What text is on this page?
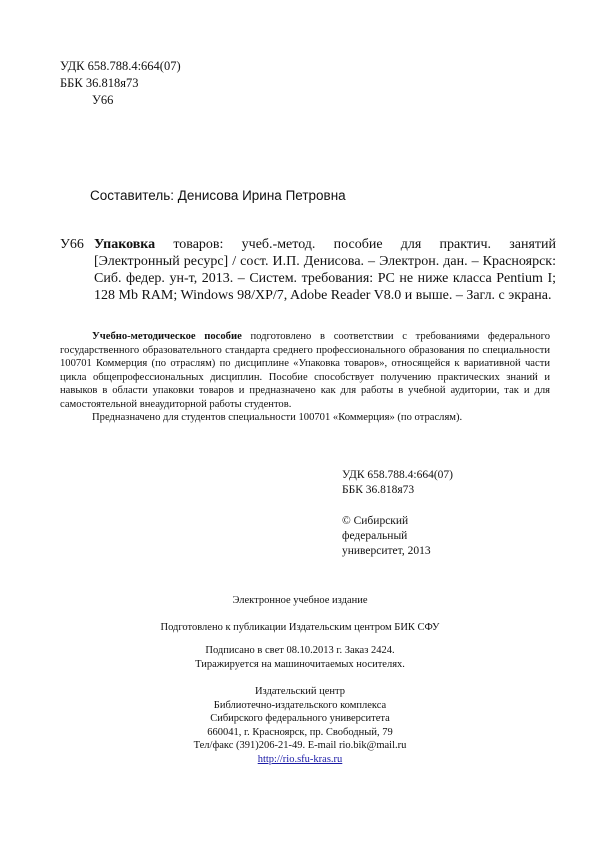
УДК 658.788.4:664(07)
ББК 36.818я73
У66
Составитель: Денисова Ирина Петровна
У66 Упаковка товаров: учеб.-метод. пособие для практич. занятий [Электронный ресурс] / сост. И.П. Денисова. – Электрон. дан. – Красноярск: Сиб. федер. ун-т, 2013. – Систем. требования: PC не ниже класса Pentium I; 128 Mb RAM; Windows 98/XP/7, Adobe Reader V8.0 и выше. – Загл. с экрана.

Учебно-методическое пособие подготовлено в соответствии с требованиями федерального государственного образовательного стандарта среднего профессионального образования по специальности 100701 Коммерция (по отраслям) по дисциплине «Упаковка товаров», относящейся к вариативной части цикла общепрофессиональных дисциплин. Пособие способствует получению практических знаний и навыков в области упаковки товаров и предназначено как для работы в учебной аудитории, так и для самостоятельной внеаудиторной работы студентов.

Предназначено для студентов специальности 100701 «Коммерция» (по отраслям).

УДК 658.788.4:664(07)
ББК 36.818я73
© Сибирский
федеральный
университет, 2013
Электронное учебное издание
Подготовлено к публикации Издательским центром БИК СФУ
Подписано в свет 08.10.2013 г. Заказ 2424.
Тиражируется на машиночитаемых носителях.
Издательский центр
Библиотечно-издательского комплекса
Сибирского федерального университета
660041, г. Красноярск, пр. Свободный, 79
Тел/факс (391)206-21-49. E-mail rio.bik@mail.ru
http://rio.sfu-kras.ru
